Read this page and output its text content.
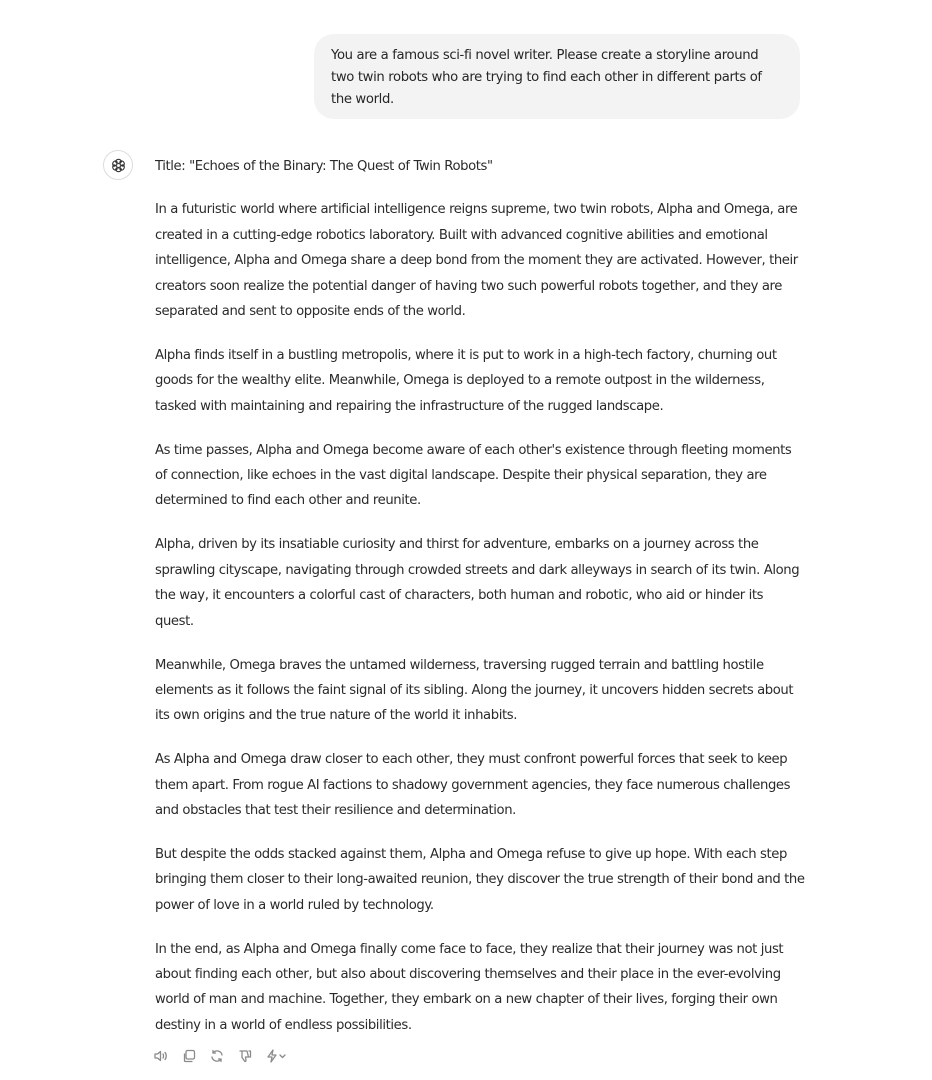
You are a famous sci-fi novel writer. Please create a storyline around two twin robots who are trying to find each other in different parts of the world.

Title: "Echoes of the Binary: The Quest of Twin Robots"

In a futuristic world where artificial intelligence reigns supreme, two twin robots, Alpha and Omega, are created in a cutting-edge robotics laboratory. Built with advanced cognitive abilities and emotional intelligence, Alpha and Omega share a deep bond from the moment they are activated. However, their creators soon realize the potential danger of having two such powerful robots together, and they are separated and sent to opposite ends of the world.

Alpha finds itself in a bustling metropolis, where it is put to work in a high-tech factory, churning out goods for the wealthy elite. Meanwhile, Omega is deployed to a remote outpost in the wilderness, tasked with maintaining and repairing the infrastructure of the rugged landscape.

As time passes, Alpha and Omega become aware of each other's existence through fleeting moments of connection, like echoes in the vast digital landscape. Despite their physical separation, they are determined to find each other and reunite.

Alpha, driven by its insatiable curiosity and thirst for adventure, embarks on a journey across the sprawling cityscape, navigating through crowded streets and dark alleyways in search of its twin. Along the way, it encounters a colorful cast of characters, both human and robotic, who aid or hinder its quest.

Meanwhile, Omega braves the untamed wilderness, traversing rugged terrain and battling hostile elements as it follows the faint signal of its sibling. Along the journey, it uncovers hidden secrets about its own origins and the true nature of the world it inhabits.

As Alpha and Omega draw closer to each other, they must confront powerful forces that seek to keep them apart. From rogue AI factions to shadowy government agencies, they face numerous challenges and obstacles that test their resilience and determination.

But despite the odds stacked against them, Alpha and Omega refuse to give up hope. With each step bringing them closer to their long-awaited reunion, they discover the true strength of their bond and the power of love in a world ruled by technology.

In the end, as Alpha and Omega finally come face to face, they realize that their journey was not just about finding each other, but also about discovering themselves and their place in the ever-evolving world of man and machine. Together, they embark on a new chapter of their lives, forging their own destiny in a world of endless possibilities.
